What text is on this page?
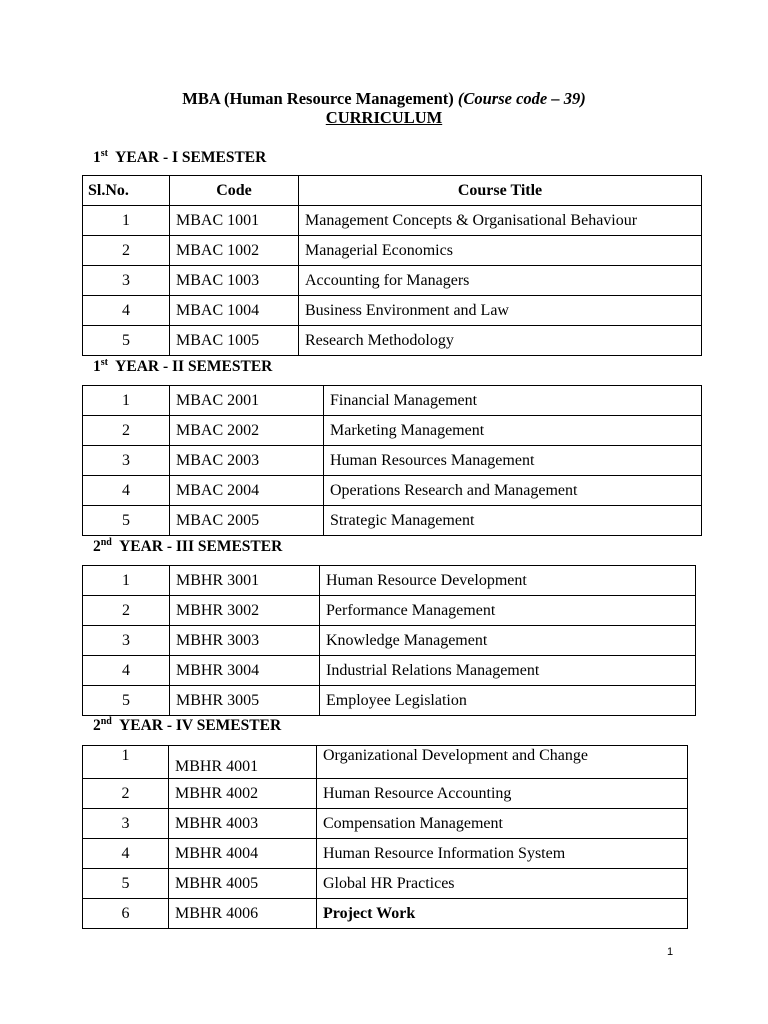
MBA (Human Resource Management) (Course code – 39)
CURRICULUM
1st YEAR - I SEMESTER
Sl.No.	Code	Course Title
1	MBAC 1001	Management Concepts & Organisational Behaviour
2	MBAC 1002	Managerial Economics
3	MBAC 1003	Accounting for Managers
4	MBAC 1004	Business Environment and Law
5	MBAC 1005	Research Methodology
1st YEAR - II SEMESTER
1	MBAC 2001	Financial Management
2	MBAC 2002	Marketing Management
3	MBAC 2003	Human Resources Management
4	MBAC 2004	Operations Research and Management
5	MBAC 2005	Strategic Management
2nd YEAR - III SEMESTER
1	MBHR 3001	Human Resource Development
2	MBHR 3002	Performance Management
3	MBHR 3003	Knowledge Management
4	MBHR 3004	Industrial Relations Management
5	MBHR 3005	Employee Legislation
2nd YEAR - IV SEMESTER
1	MBHR 4001	Organizational Development and Change
2	MBHR 4002	Human Resource Accounting
3	MBHR 4003	Compensation Management
4	MBHR 4004	Human Resource Information System
5	MBHR 4005	Global HR Practices
6	MBHR 4006	Project Work
1
